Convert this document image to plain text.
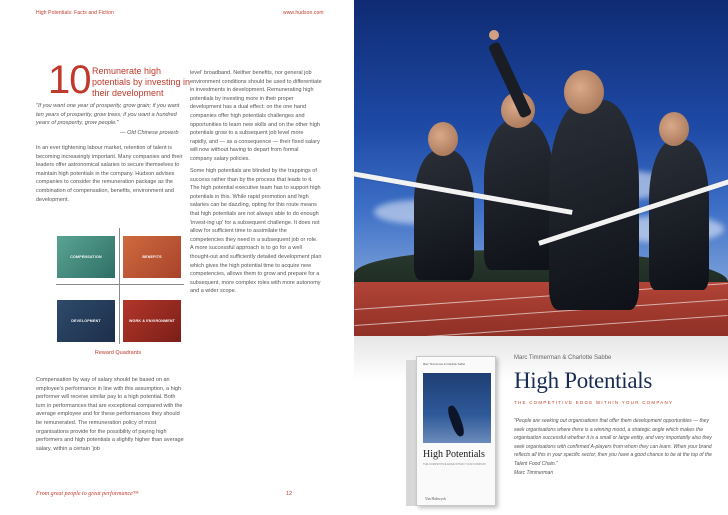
High Potentials: Facts and Fiction	www.hudson.com
10 Remunerate high potentials by investing in their development
"If you want one year of prosperity, grow grain; if you want ten years of prosperity, grow trees; if you want a hundred years of prosperity, grow people."
— Old Chinese proverb
In an ever tightening labour market, retention of talent is becoming increasingly important. Many companies and their leaders offer astronomical salaries to secure themselves to maintain high potentials in the company. Hudson advises companies to consider the remuneration package as the combination of compensation, benefits, environment and development.
COMPENSATION	BENEFITS
DEVELOPMENT	WORK & ENVIRONMENT
Reward Quadrants
Compensation by way of salary should be based on an employee's performance in line with this assumption, a high performer will receive similar pay to a high potential. Both turn in performances that are exceptional compared with the average employee and for these performances they should be remunerated. The remuneration policy of most organisations provide for the possibility of paying high performers and high potentials a slightly higher than average salary, within a certain 'job
level' broadband. Neither benefits, nor general job environment conditions should be used to differentiate in investments in development. Remunerating high potentials by investing more in their proper development has a dual effect: on the one hand companies offer high potentials challenges and opportunities to learn new skills and on the other high potentials grow to a subsequent job level more rapidly, and — as a consequence — their fixed salary will now without having to depart from formal company salary policies.
Some high potentials are blinded by the trappings of success rather than by the process that leads to it. The high potential executive team has to support high potentials in this. While rapid promotion and high salaries can be dazzling, opting for this route means that high potentials are not always able to do enough 'invest-ing up' for a subsequent challenge. It does not allow for sufficient time to assimilate the competencies they need in a subsequent job or role. A more successful approach is to go for a well thought-out and sufficiently detailed development plan which gives the high potential time to acquire new competencies, allows them to grow and prepare for a subsequent, more complex roles with more autonomy and a wider scope.
From great people to great performance™	12
Marc Timmerman & Charlotte Sabbe
High Potentials
THE COMPETITIVE EDGE WITHIN YOUR COMPANY
Van Halewyck
Marc Timmerman & Charlotte Sabbe
High Potentials
THE COMPETITIVE EDGE WITHIN YOUR COMPANY
"People are seeking out organisations that offer them development opportunities — they seek organisations where there is a winning mood, a strategic angle which makes the organisation successful whether it is a small or large entity, and very importantly also they seek organisations with confirmed A-players from whom they can learn. When your brand reflects all this in your specific sector, then you have a good chance to be at the top of the Talent Food Chain."
Marc Timmerman
